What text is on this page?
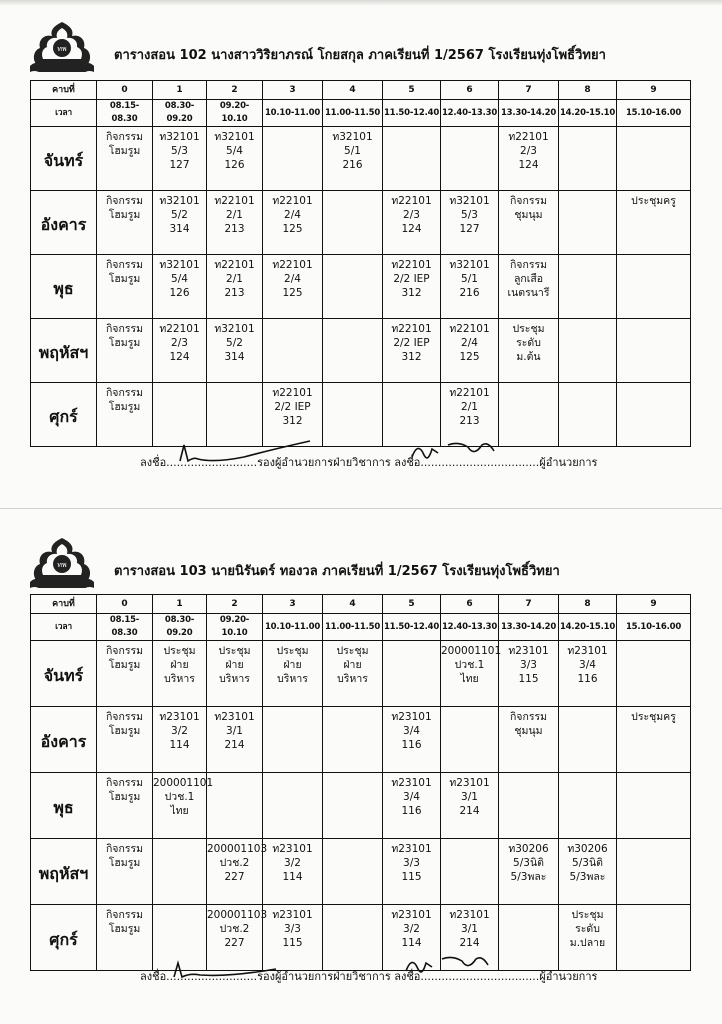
ทพ	ตารางสอน 102 นางสาววิริยาภรณ์ โกยสกุล ภาคเรียนที่ 1/2567 โรงเรียนทุ่งโพธิ์วิทยา
คาบที่	0	1	2	3	4	5	6	7	8	9
เวลา	08.15-08.30	08.30-09.20	09.20-10.10	10.10-11.00	11.00-11.50	11.50-12.40	12.40-13.30	13.30-14.20	14.20-15.10	15.10-16.00
จันทร์	กิจกรรม
โฮมรูม	ท32101
5/3
127	ท32101
5/4
126		ท32101
5/1
216			ท22101
2/3
124		

อังคาร	กิจกรรม
โฮมรูม	ท32101
5/2
314	ท22101
2/1
213	ท22101
2/4
125		ท22101
2/3
124	ท32101
5/3
127	กิจกรรม
ชุมนุม		ประชุมครู

พุธ	กิจกรรม
โฮมรูม	ท32101
5/4
126	ท22101
2/1
213	ท22101
2/4
125		ท22101
2/2 IEP
312	ท32101
5/1
216	กิจกรรม
ลูกเสือ
เนตรนารี		

พฤหัสฯ	กิจกรรม
โฮมรูม	ท22101
2/3
124	ท32101
5/2
314			ท22101
2/2 IEP
312	ท22101
2/4
125	ประชุม
ระดับ
ม.ต้น		

ศุกร์	กิจกรรม
โฮมรูม			ท22101
2/2 IEP
312			ท22101
2/1
213			

ลงชื่อ..........................รองผู้อำนวยการฝ่ายวิชาการ ลงชื่อ..................................ผู้อำนวยการ
ทพ	ตารางสอน 103 นายนิรันดร์ ทองวล ภาคเรียนที่ 1/2567 โรงเรียนทุ่งโพธิ์วิทยา
คาบที่	0	1	2	3	4	5	6	7	8	9
เวลา	08.15-08.30	08.30-09.20	09.20-10.10	10.10-11.00	11.00-11.50	11.50-12.40	12.40-13.30	13.30-14.20	14.20-15.10	15.10-16.00
จันทร์	กิจกรรม
โฮมรูม	ประชุม
ฝ่าย
บริหาร	ประชุม
ฝ่าย
บริหาร	ประชุม
ฝ่าย
บริหาร	ประชุม
ฝ่าย
บริหาร		200001101
ปวช.1
ไทย	ท23101
3/3
115	ท23101
3/4
116	

อังคาร	กิจกรรม
โฮมรูม	ท23101
3/2
114	ท23101
3/1
214			ท23101
3/4
116		กิจกรรม
ชุมนุม		ประชุมครู

พุธ	กิจกรรม
โฮมรูม	200001101
ปวช.1
ไทย				ท23101
3/4
116	ท23101
3/1
214			

พฤหัสฯ	กิจกรรม
โฮมรูม		200001103
ปวช.2
227	ท23101
3/2
114		ท23101
3/3
115		ท30206
5/3นิติ
5/3พละ	ท30206
5/3นิติ
5/3พละ	

ศุกร์	กิจกรรม
โฮมรูม		200001103
ปวช.2
227	ท23101
3/3
115		ท23101
3/2
114	ท23101
3/1
214		ประชุม
ระดับ
ม.ปลาย	

ลงชื่อ..........................รองผู้อำนวยการฝ่ายวิชาการ ลงชื่อ..................................ผู้อำนวยการ
